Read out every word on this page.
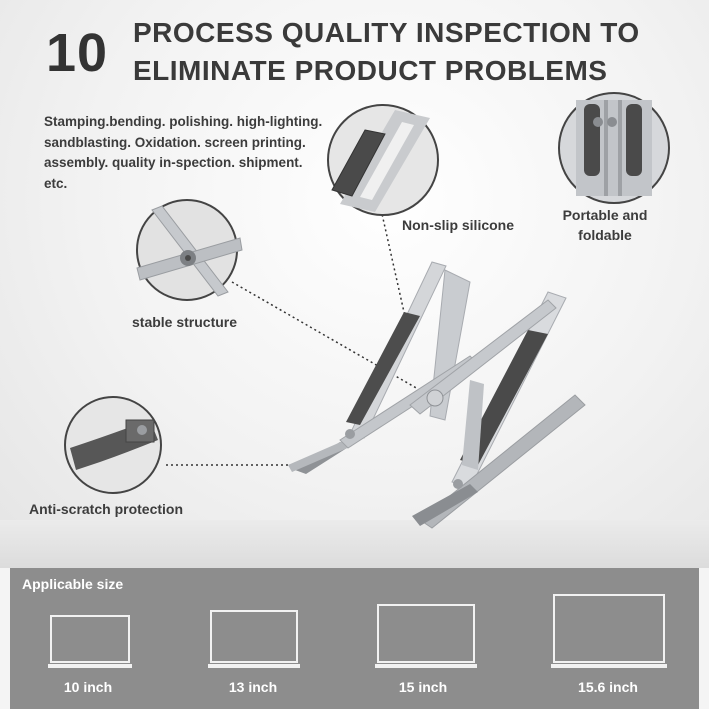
10 PROCESS QUALITY INSPECTION TO
ELIMINATE PRODUCT PROBLEMS
Stamping.bending. polishing. high-lighting. sandblasting. Oxidation. screen printing. assembly. quality in-spection. shipment. etc.
Non-slip silicone
Portable and
foldable
stable structure
Anti-scratch protection
Applicable size
10 inch	13 inch	15 inch	15.6 inch
